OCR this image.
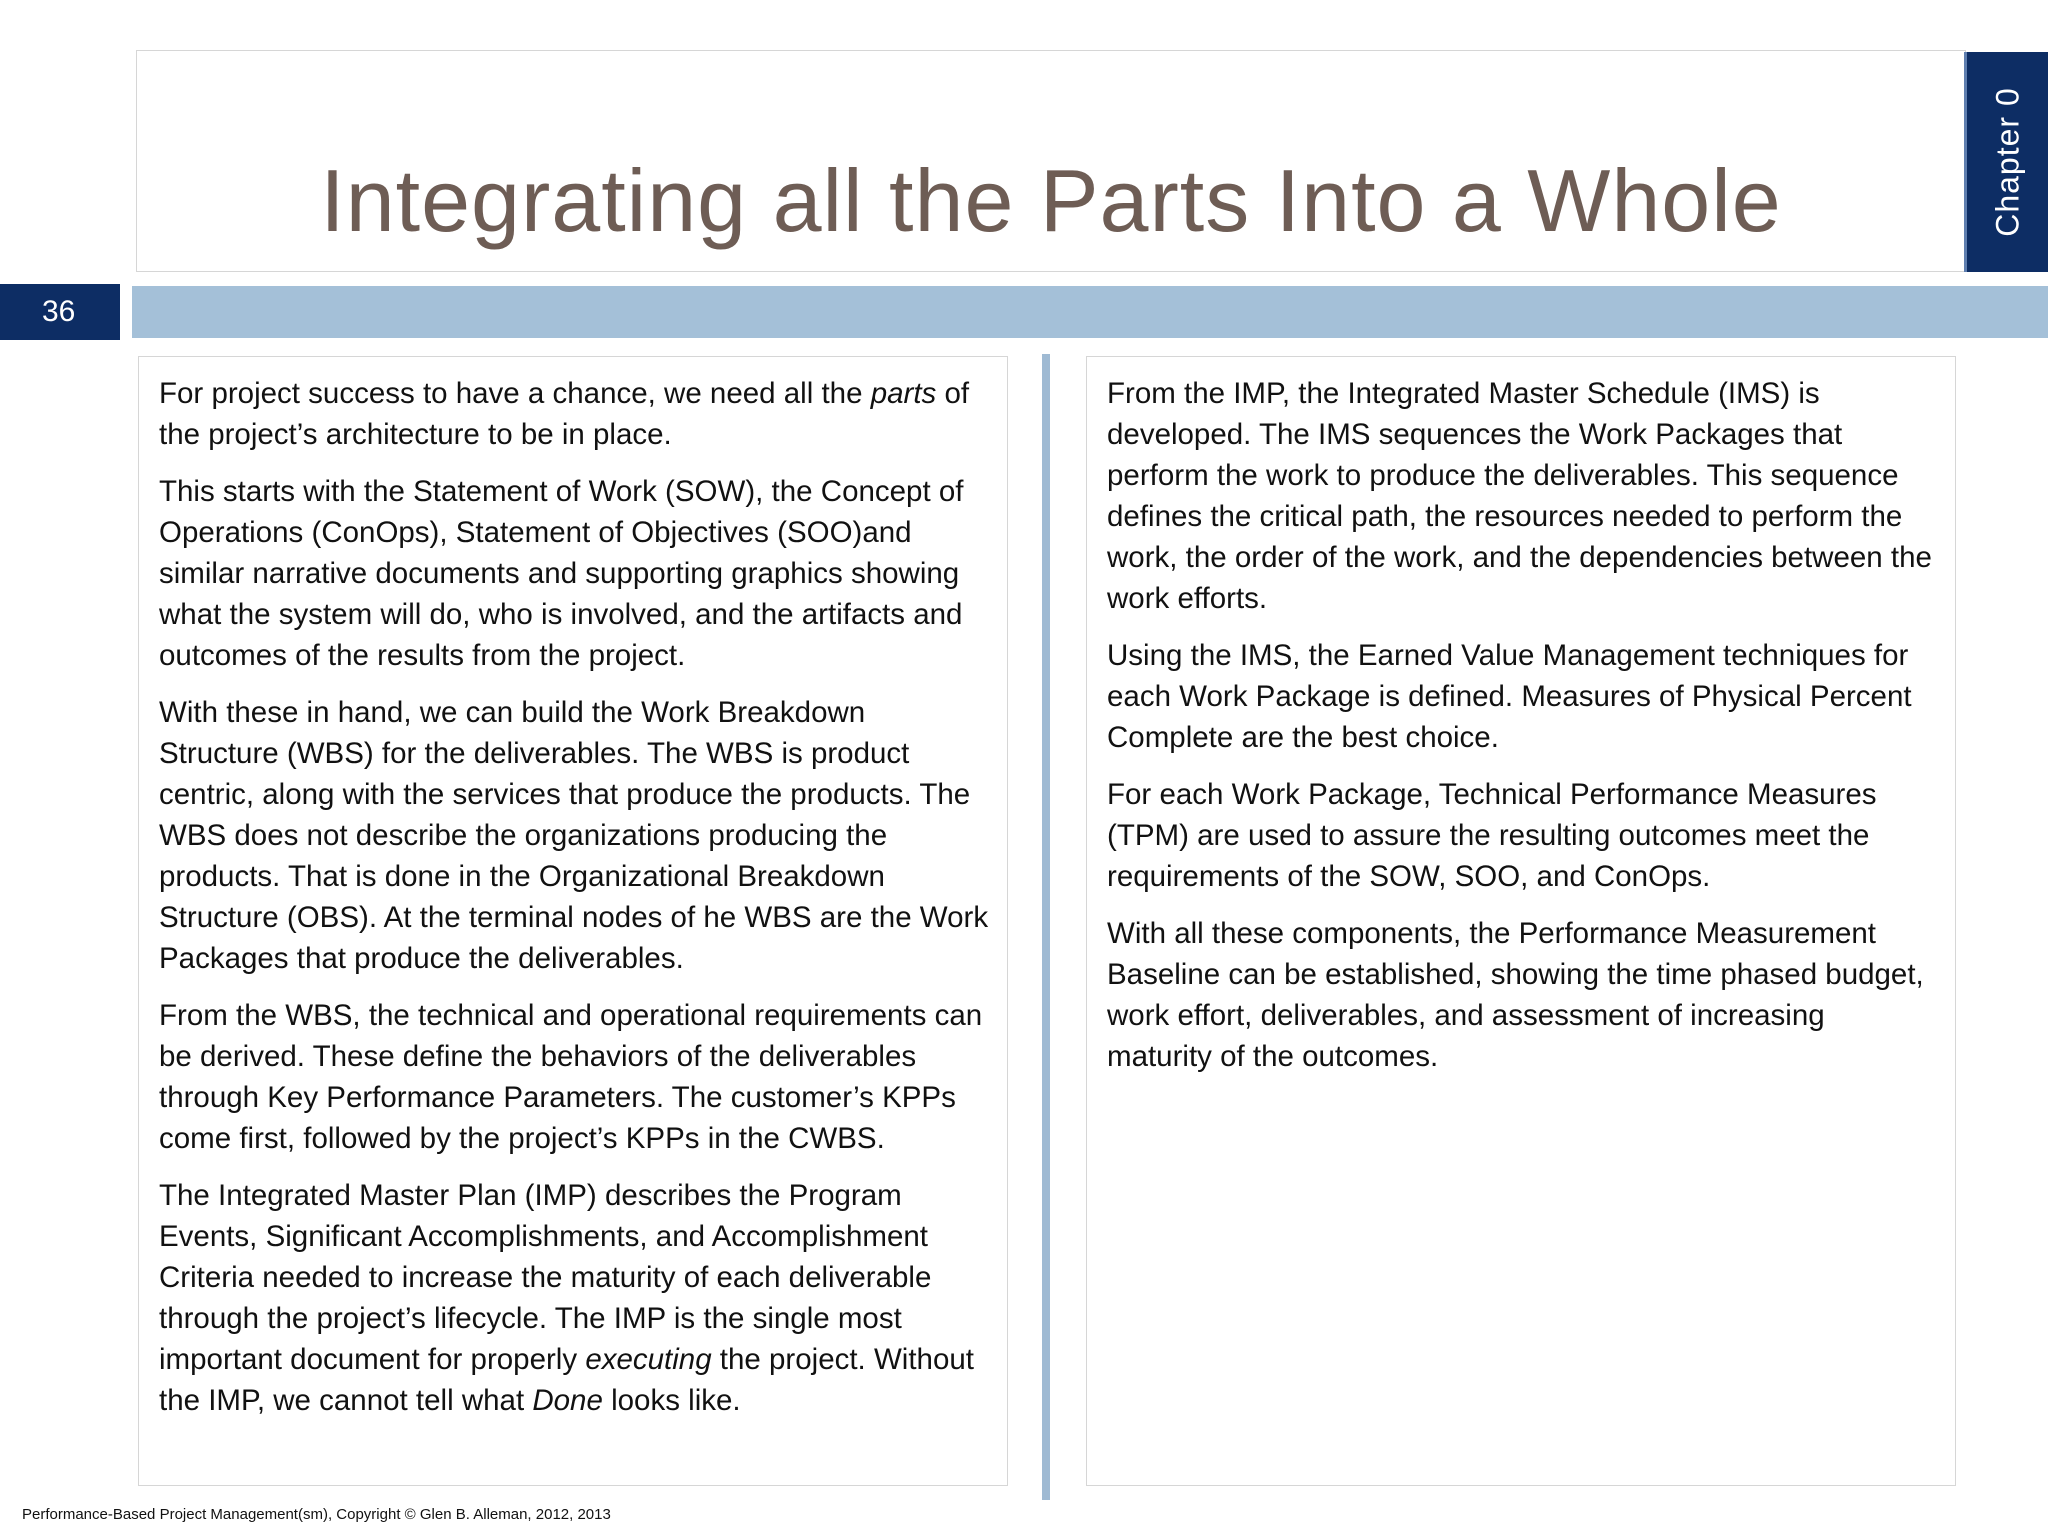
Integrating all the Parts Into a Whole	Chapter 0
36

For project success to have a chance, we need all the parts of the project’s architecture to be in place.

This starts with the Statement of Work (SOW), the Concept of Operations (ConOps), Statement of Objectives (SOO)and similar narrative documents and supporting graphics showing what the system will do, who is involved, and the artifacts and outcomes of the results from the project.

With these in hand, we can build the Work Breakdown Structure (WBS) for the deliverables. The WBS is product centric, along with the services that produce the products. The WBS does not describe the organizations producing the products. That is done in the Organizational Breakdown Structure (OBS). At the terminal nodes of he WBS are the Work Packages that produce the deliverables.

From the WBS, the technical and operational requirements can be derived. These define the behaviors of the deliverables through Key Performance Parameters. The customer’s KPPs come first, followed by the project’s KPPs in the CWBS.

The Integrated Master Plan (IMP) describes the Program Events, Significant Accomplishments, and Accomplishment Criteria needed to increase the maturity of each deliverable through the project’s lifecycle. The IMP is the single most important document for properly executing the project. Without the IMP, we cannot tell what Done looks like.

From the IMP, the Integrated Master Schedule (IMS) is developed. The IMS sequences the Work Packages that perform the work to produce the deliverables. This sequence defines the critical path, the resources needed to perform the work, the order of the work, and the dependencies between the work efforts.

Using the IMS, the Earned Value Management techniques for each Work Package is defined. Measures of Physical Percent Complete are the best choice.

For each Work Package, Technical Performance Measures (TPM) are used to assure the resulting outcomes meet the requirements of the SOW, SOO, and ConOps.

With all these components, the Performance Measurement Baseline can be established, showing the time phased budget, work effort, deliverables, and assessment of increasing maturity of the outcomes.

Performance-Based Project Management(sm), Copyright © Glen B. Alleman, 2012, 2013
